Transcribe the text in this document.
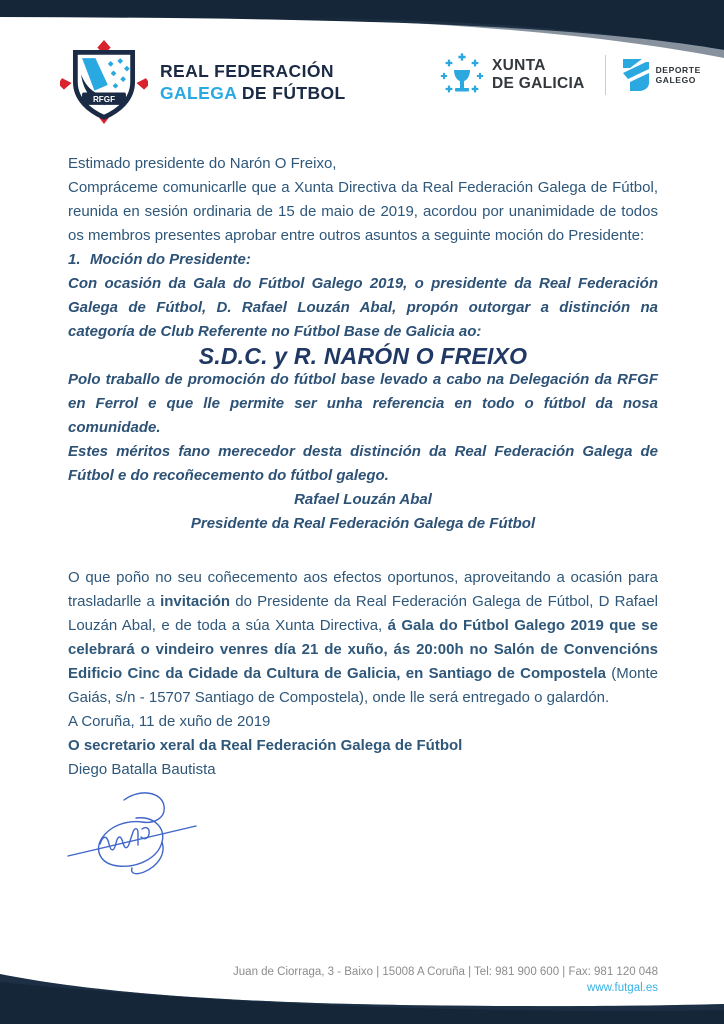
RFGF
REAL FEDERACIÓN
GALEGA DE FÚTBOL
XUNTA
DE GALICIA
DEPORTE
GALEGO

Estimado presidente do Narón O Freixo,

Compráceme comunicarlle que a Xunta Directiva da Real Federación Galega de Fútbol, reunida en sesión ordinaria de 15 de maio de 2019, acordou por unanimidade de todos os membros presentes aprobar entre outros asuntos a seguinte moción do Presidente:

1. Moción do Presidente:

Con ocasión da Gala do Fútbol Galego 2019, o presidente da Real Federación Galega de Fútbol, D. Rafael Louzán Abal, propón outorgar a distinción na categoría de Club Referente no Fútbol Base de Galicia ao:

S.D.C. y R. NARÓN O FREIXO

Polo traballo de promoción do fútbol base levado a cabo na Delegación da RFGF en Ferrol e que lle permite ser unha referencia en todo o fútbol da nosa comunidade.

Estes méritos fano merecedor desta distinción da Real Federación Galega de Fútbol e do recoñecemento do fútbol galego.

Rafael Louzán Abal
Presidente da Real Federación Galega de Fútbol

O que poño no seu coñecemento aos efectos oportunos, aproveitando a ocasión para trasladarlle a invitación do Presidente da Real Federación Galega de Fútbol, D Rafael Louzán Abal, e de toda a súa Xunta Directiva, á Gala do Fútbol Galego 2019 que se celebrará o vindeiro venres día 21 de xuño, ás 20:00h no Salón de Convencións Edificio Cinc da Cidade da Cultura de Galicia, en Santiago de Compostela (Monte Gaiás, s/n - 15707 Santiago de Compostela), onde lle será entregado o galardón.

A Coruña, 11 de xuño de 2019

O secretario xeral da Real Federación Galega de Fútbol

Diego Batalla Bautista

Juan de Ciorraga, 3 - Baixo | 15008 A Coruña | Tel: 981 900 600 | Fax: 981 120 048
www.futgal.es
